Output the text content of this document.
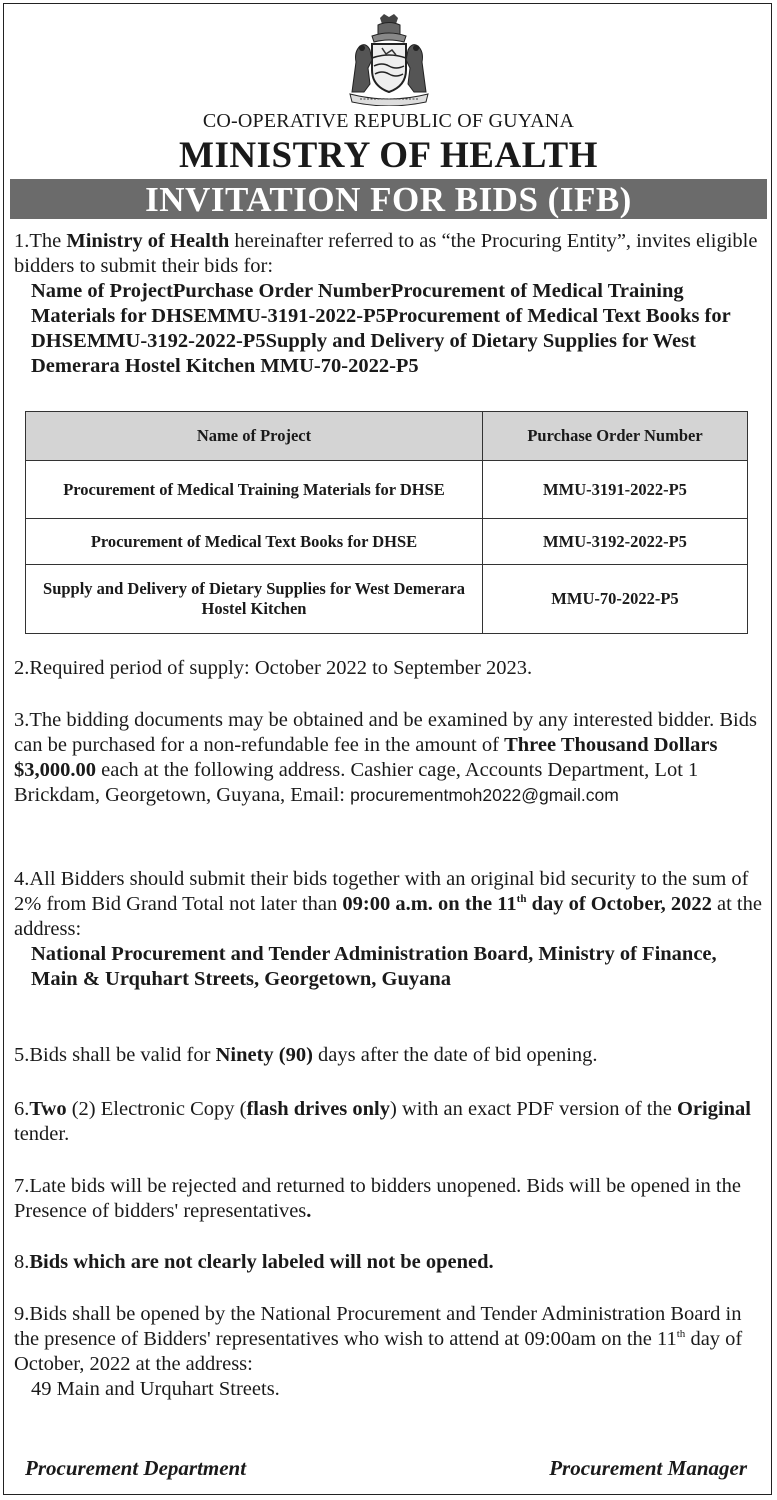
CO-OPERATIVE REPUBLIC OF GUYANA
MINISTRY OF HEALTH
INVITATION FOR BIDS (IFB)
1.The Ministry of Health hereinafter referred to as “the Procuring Entity”, invites eligible bidders to submit their bids for:
Name of ProjectPurchase Order NumberProcurement of Medical Training Materials for DHSEMMU-3191-2022-P5Procurement of Medical Text Books for DHSEMMU-3192-2022-P5Supply and Delivery of Dietary Supplies for West Demerara Hostel Kitchen MMU-70-2022-P5
Name of Project	Purchase Order Number
Procurement of Medical Training Materials for DHSE	MMU-3191-2022-P5
Procurement of Medical Text Books for DHSE	MMU-3192-2022-P5
Supply and Delivery of Dietary Supplies for West Demerara Hostel Kitchen	MMU-70-2022-P5
2.Required period of supply: October 2022 to September 2023.
3.The bidding documents may be obtained and be examined by any interested bidder. Bids can be purchased for a non-refundable fee in the amount of Three Thousand Dollars $3,000.00 each at the following address. Cashier cage, Accounts Department, Lot 1 Brickdam, Georgetown, Guyana, Email: procurementmoh2022@gmail.com
4.All Bidders should submit their bids together with an original bid security to the sum of 2% from Bid Grand Total not later than 09:00 a.m. on the 11th day of October, 2022 at the address:
National Procurement and Tender Administration Board, Ministry of Finance, Main & Urquhart Streets, Georgetown, Guyana
5.Bids shall be valid for Ninety (90) days after the date of bid opening.
6.Two (2) Electronic Copy (flash drives only) with an exact PDF version of the Original tender.
7.Late bids will be rejected and returned to bidders unopened. Bids will be opened in the Presence of bidders' representatives.
8.Bids which are not clearly labeled will not be opened.
9.Bids shall be opened by the National Procurement and Tender Administration Board in the presence of Bidders' representatives who wish to attend at 09:00am on the 11th day of October, 2022 at the address:
49 Main and Urquhart Streets.
Procurement Department	Procurement Manager
